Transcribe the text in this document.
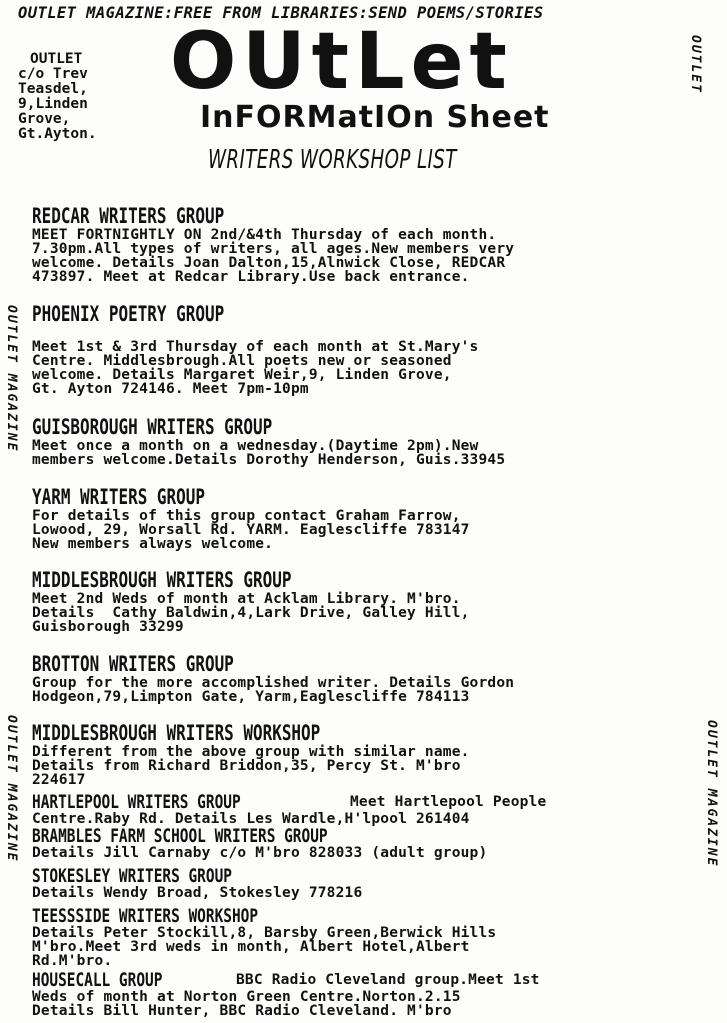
OUTLET MAGAZINE:FREE FROM LIBRARIES:SEND POEMS/STORIES
OUTLET
c/o Trev
Teasdel,
9,Linden
Grove,
Gt.Ayton.
OUtLet
InFORMatIOn Sheet
WRITERS WORKSHOP LIST
OUTLET
OUTLET MAGAZINE
OUTLET MAGAZINE	OUTLET MAGAZINE
REDCAR WRITERS GROUP
MEET FORTNIGHTLY ON 2nd/&4th Thursday of each month.
7.30pm.All types of writers, all ages.New members very
welcome. Details Joan Dalton,15,Alnwick Close, REDCAR
473897. Meet at Redcar Library.Use back entrance.
PHOENIX POETRY GROUP

Meet 1st & 3rd Thursday of each month at St.Mary's
Centre. Middlesbrough.All poets new or seasoned
welcome. Details Margaret Weir,9, Linden Grove,
Gt. Ayton 724146. Meet 7pm-10pm
GUISBOROUGH WRITERS GROUP
Meet once a month on a wednesday.(Daytime 2pm).New
members welcome.Details Dorothy Henderson, Guis.33945
YARM WRITERS GROUP
For details of this group contact Graham Farrow,
Lowood, 29, Worsall Rd. YARM. Eaglescliffe 783147
New members always welcome.
MIDDLESBROUGH WRITERS GROUP
Meet 2nd Weds of month at Acklam Library. M'bro.
Details  Cathy Baldwin,4,Lark Drive, Galley Hill,
Guisborough 33299
BROTTON WRITERS GROUP
Group for the more accomplished writer. Details Gordon
Hodgeon,79,Limpton Gate, Yarm,Eaglescliffe 784113
MIDDLESBROUGH WRITERS WORKSHOP
Different from the above group with similar name.
Details from Richard Briddon,35, Percy St. M'bro
224617
HARTLEPOOL WRITERS GROUP	Meet Hartlepool People
Centre.Raby Rd. Details Les Wardle,H'lpool 261404
BRAMBLES FARM SCHOOL WRITERS GROUP
Details Jill Carnaby c/o M'bro 828033 (adult group)
STOKESLEY WRITERS GROUP
Details Wendy Broad, Stokesley 778216
TEESSSIDE WRITERS WORKSHOP
Details Peter Stockill,8, Barsby Green,Berwick Hills
M'bro.Meet 3rd weds in month, Albert Hotel,Albert
Rd.M'bro.
HOUSECALL GROUP	BBC Radio Cleveland group.Meet 1st
Weds of month at Norton Green Centre.Norton.2.15
Details Bill Hunter, BBC Radio Cleveland. M'bro
